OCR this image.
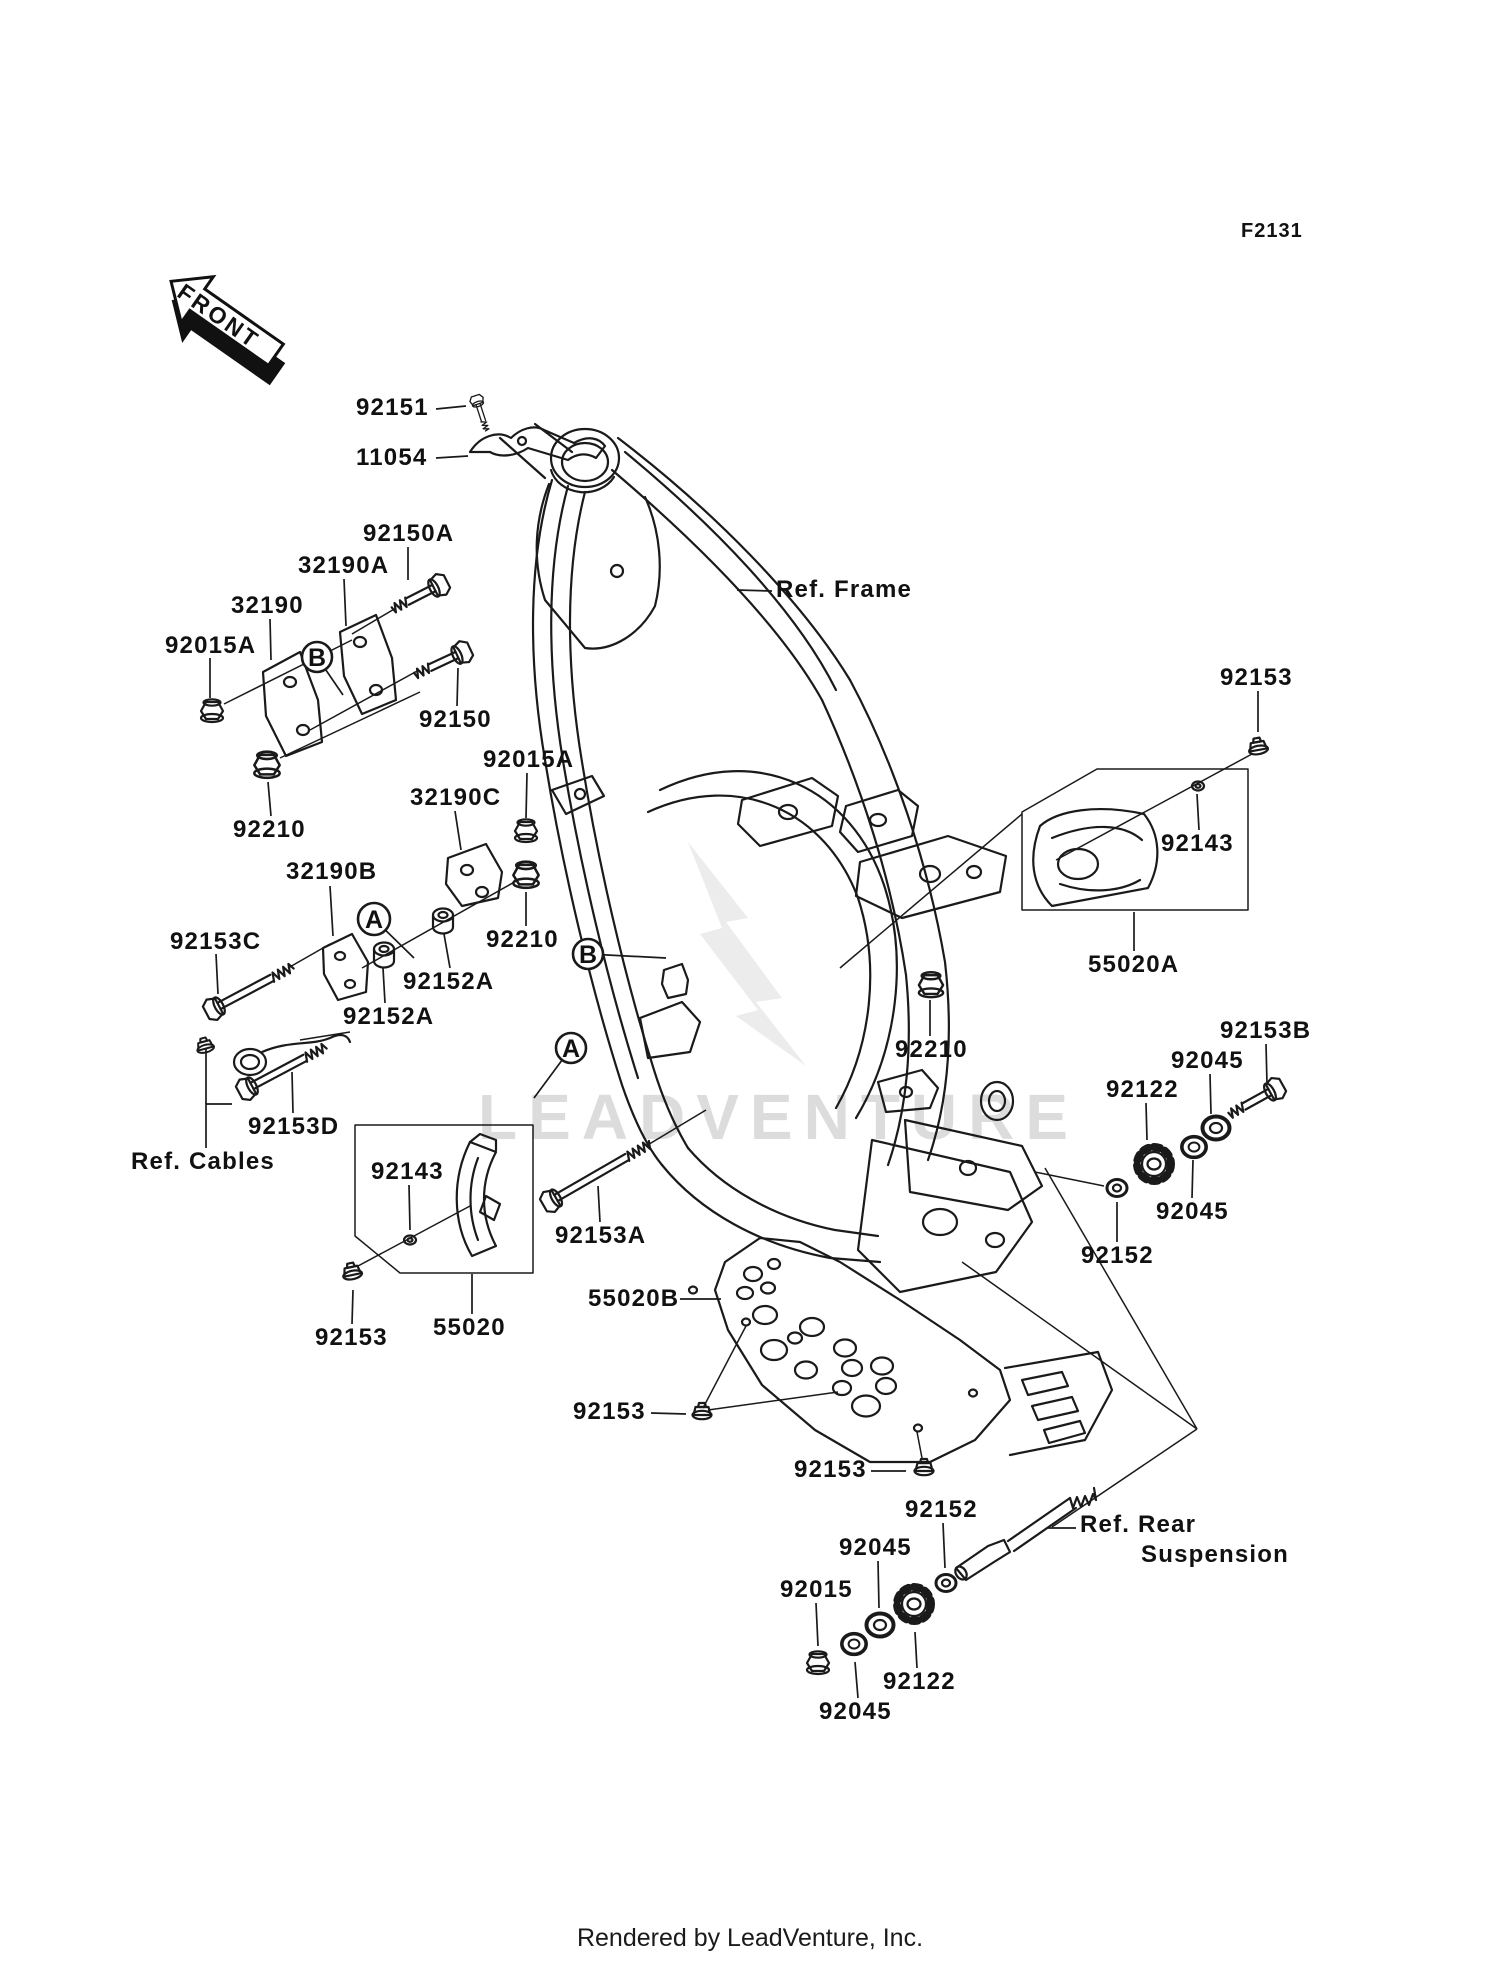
LEADVENTURE
FRONT
B
A
B
A
F2131
92151
11054
92150A
32190A
32190
92015A
92150
92015A
32190C
92210
32190B
92153C	92210
92152A
92152A
92153D
Ref. Cables	92143
92153 55020
92153A
55020B
92153
92153
92152
92045
92015
92122
92045
Ref. Rear
Suspension
92153
92143
55020A
92210
92153B
92045
92122
92045
92152
Ref. Frame
Rendered by LeadVenture, Inc.
